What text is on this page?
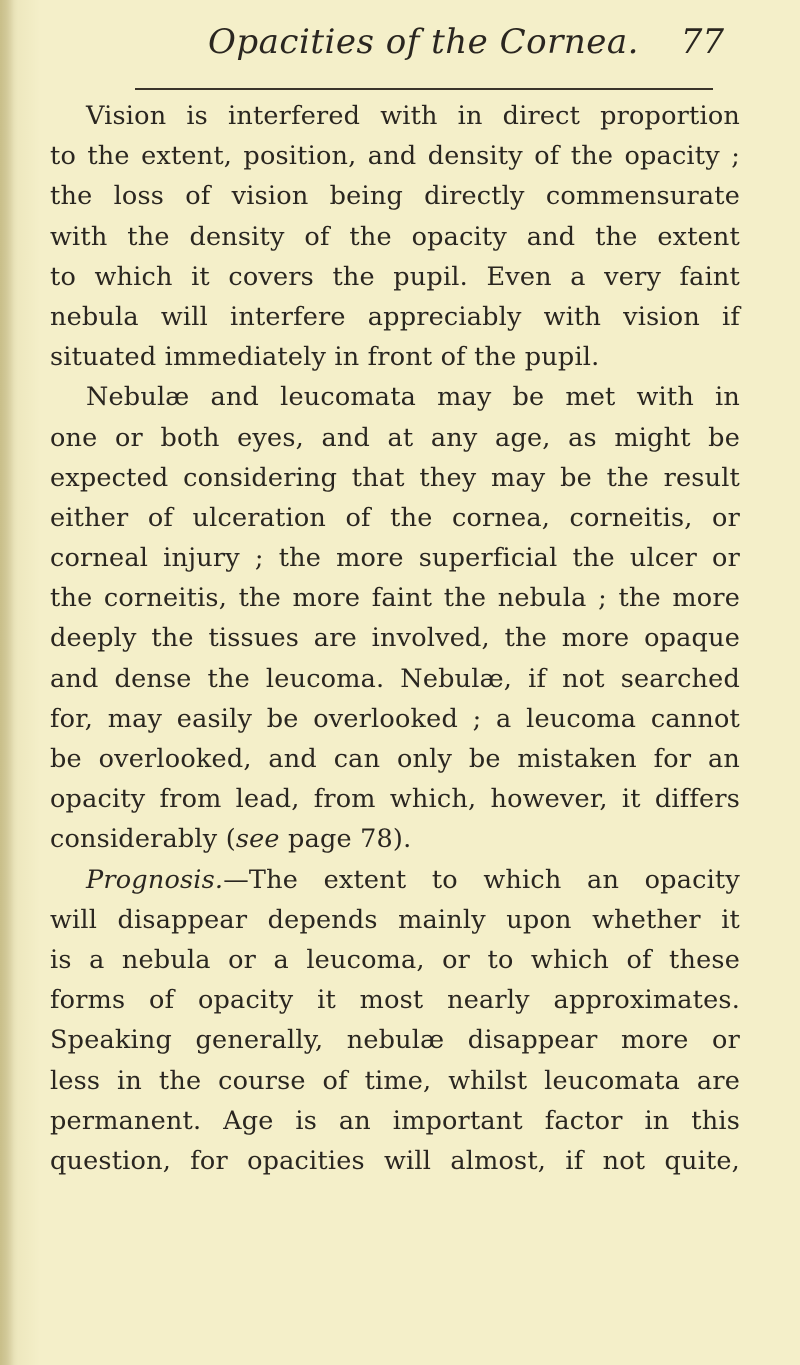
Opacities of the Cornea. 77
Vision is interfered with in direct proportion
to the extent, position, and density of the opacity ;
the loss of vision being directly commensurate
with the density of the opacity and the extent
to which it covers the pupil. Even a very faint
nebula will interfere appreciably with vision if
situated immediately in front of the pupil.
Nebulæ and leucomata may be met with in
one or both eyes, and at any age, as might be
expected considering that they may be the result
either of ulceration of the cornea, corneitis, or
corneal injury ; the more superficial the ulcer or
the corneitis, the more faint the nebula ; the more
deeply the tissues are involved, the more opaque
and dense the leucoma. Nebulæ, if not searched
for, may easily be overlooked ; a leucoma cannot
be overlooked, and can only be mistaken for an
opacity from lead, from which, however, it differs
considerably (see page 78).
Prognosis.—The extent to which an opacity
will disappear depends mainly upon whether it
is a nebula or a leucoma, or to which of these
forms of opacity it most nearly approximates.
Speaking generally, nebulæ disappear more or
less in the course of time, whilst leucomata are
permanent. Age is an important factor in this
question, for opacities will almost, if not quite,
